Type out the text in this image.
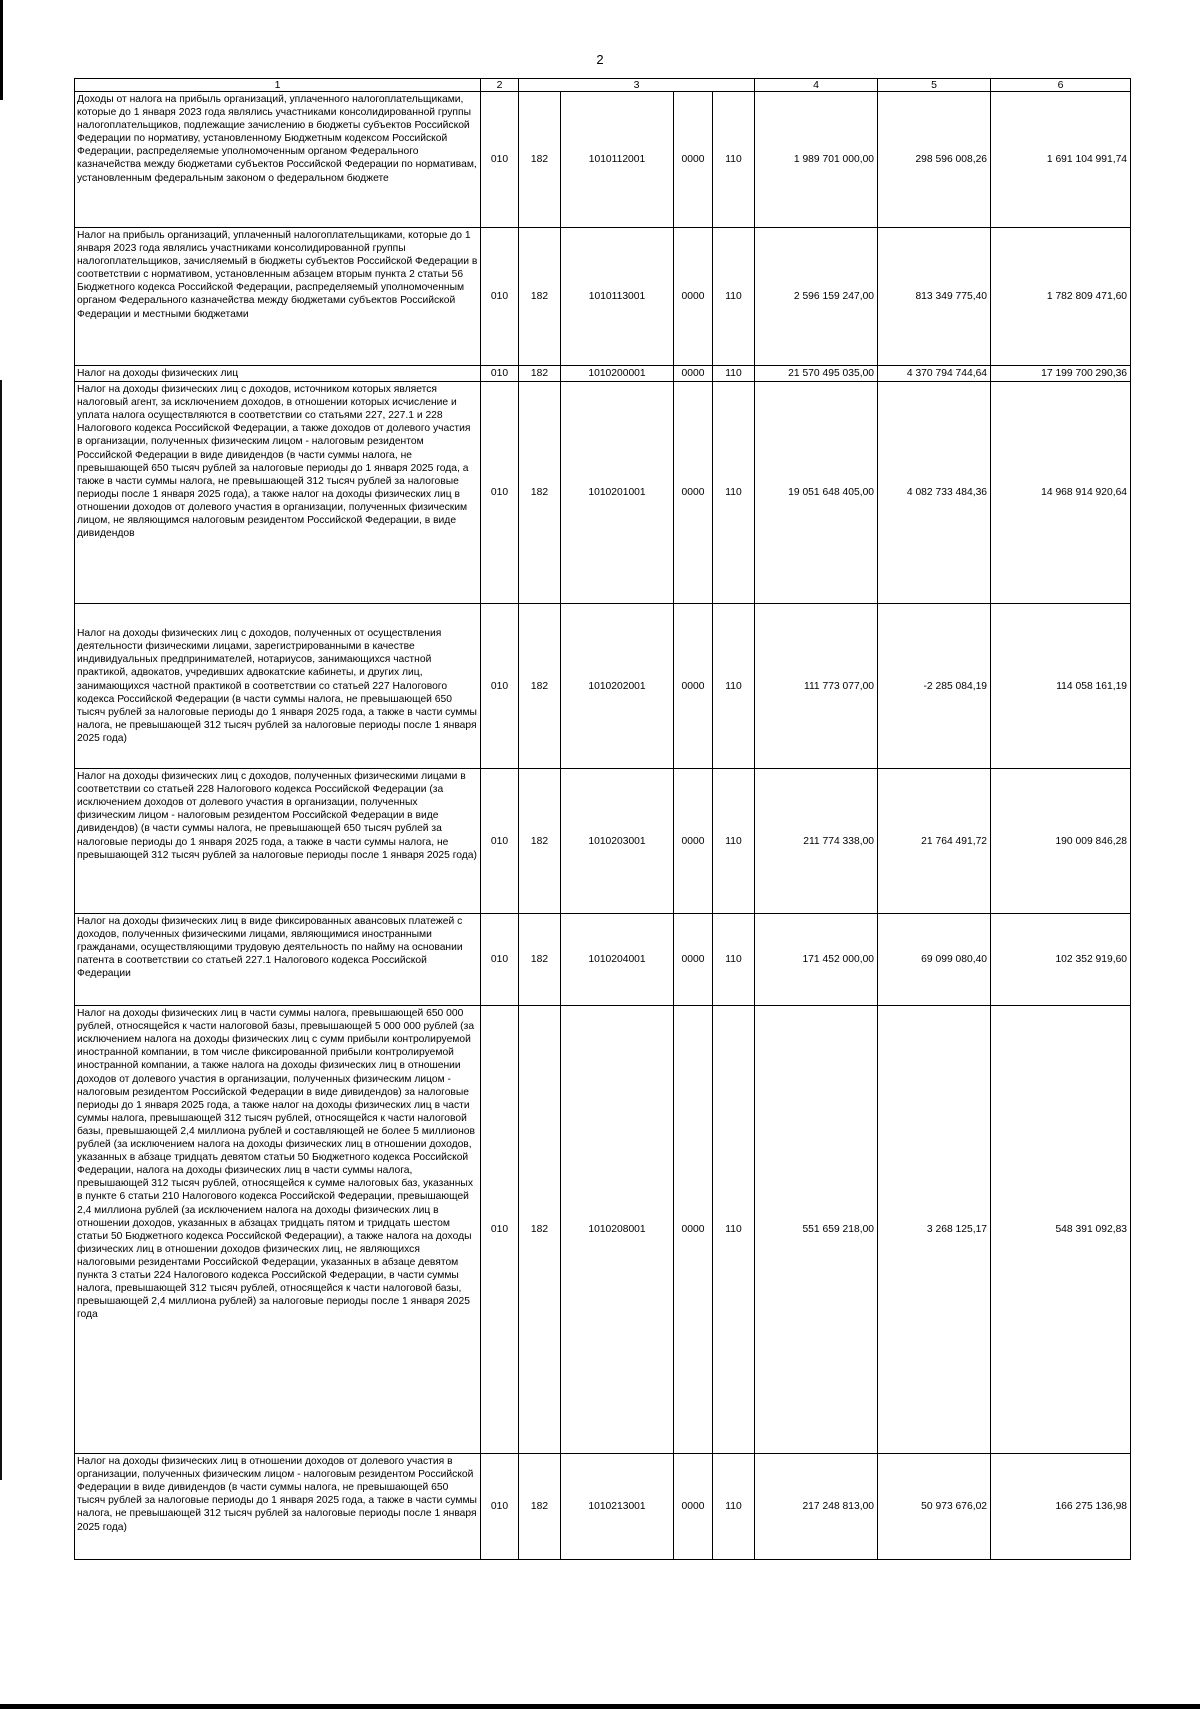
2
1	2	3				4	5	6
Доходы от налога на прибыль организаций, уплаченного налогоплательщиками, которые до 1 января 2023 года являлись участниками консолидированной группы налогоплательщиков, подлежащие зачислению в бюджеты субъектов Российской Федерации по нормативу, установленному Бюджетным кодексом Российской Федерации, распределяемые уполномоченным органом Федерального казначейства между бюджетами субъектов Российской Федерации по нормативам, установленным федеральным законом о федеральном бюджете	010	182	1010112001	0000	110	1 989 701 000,00	298 596 008,26	1 691 104 991,74
Налог на прибыль организаций, уплаченный налогоплательщиками, которые до 1 января 2023 года являлись участниками консолидированной группы налогоплательщиков, зачисляемый в бюджеты субъектов Российской Федерации в соответствии с нормативом, установленным абзацем вторым пункта 2 статьи 56 Бюджетного кодекса Российской Федерации, распределяемый уполномоченным органом Федерального казначейства между бюджетами субъектов Российской Федерации и местными бюджетами	010	182	1010113001	0000	110	2 596 159 247,00	813 349 775,40	1 782 809 471,60
Налог на доходы физических лиц	010	182	1010200001	0000	110	21 570 495 035,00	4 370 794 744,64	17 199 700 290,36
Налог на доходы физических лиц с доходов, источником которых является налоговый агент, за исключением доходов, в отношении которых исчисление и уплата налога осуществляются в соответствии со статьями 227, 227.1 и 228 Налогового кодекса Российской Федерации, а также доходов от долевого участия в организации, полученных физическим лицом - налоговым резидентом Российской Федерации в виде дивидендов (в части суммы налога, не превышающей 650 тысяч рублей за налоговые периоды до 1 января 2025 года, а также в части суммы налога, не превышающей 312 тысяч рублей за налоговые периоды после 1 января 2025 года), а также налог на доходы физических лиц в отношении доходов от долевого участия в организации, полученных физическим лицом, не являющимся налоговым резидентом Российской Федерации, в виде дивидендов	010	182	1010201001	0000	110	19 051 648 405,00	4 082 733 484,36	14 968 914 920,64
Налог на доходы физических лиц с доходов, полученных от осуществления деятельности физическими лицами, зарегистрированными в качестве индивидуальных предпринимателей, нотариусов, занимающихся частной практикой, адвокатов, учредивших адвокатские кабинеты, и других лиц, занимающихся частной практикой в соответствии со статьей 227 Налогового кодекса Российской Федерации (в части суммы налога, не превышающей 650 тысяч рублей за налоговые периоды до 1 января 2025 года, а также в части суммы налога, не превышающей 312 тысяч рублей за налоговые периоды после 1 января 2025 года)	010	182	1010202001	0000	110	111 773 077,00	-2 285 084,19	114 058 161,19
Налог на доходы физических лиц с доходов, полученных физическими лицами в соответствии со статьей 228 Налогового кодекса Российской Федерации (за исключением доходов от долевого участия в организации, полученных физическим лицом - налоговым резидентом Российской Федерации в виде дивидендов) (в части суммы налога, не превышающей 650 тысяч рублей за налоговые периоды до 1 января 2025 года, а также в части суммы налога, не превышающей 312 тысяч рублей за налоговые периоды после 1 января 2025 года)	010	182	1010203001	0000	110	211 774 338,00	21 764 491,72	190 009 846,28
Налог на доходы физических лиц в виде фиксированных авансовых платежей с доходов, полученных физическими лицами, являющимися иностранными гражданами, осуществляющими трудовую деятельность по найму на основании патента в соответствии со статьей 227.1 Налогового кодекса Российской Федерации	010	182	1010204001	0000	110	171 452 000,00	69 099 080,40	102 352 919,60
Налог на доходы физических лиц в части суммы налога, превышающей 650 000 рублей, относящейся к части налоговой базы, превышающей 5 000 000 рублей (за исключением налога на доходы физических лиц с сумм прибыли контролируемой иностранной компании, в том числе фиксированной прибыли контролируемой иностранной компании, а также налога на доходы физических лиц в отношении доходов от долевого участия в организации, полученных физическим лицом - налоговым резидентом Российской Федерации в виде дивидендов) за налоговые периоды до 1 января 2025 года, а также налог на доходы физических лиц в части суммы налога, превышающей 312 тысяч рублей, относящейся к части налоговой базы, превышающей 2,4 миллиона рублей и составляющей не более 5 миллионов рублей (за исключением налога на доходы физических лиц в отношении доходов, указанных в абзаце тридцать девятом статьи 50 Бюджетного кодекса Российской Федерации, налога на доходы физических лиц в части суммы налога, превышающей 312 тысяч рублей, относящейся к сумме налоговых баз, указанных в пункте 6 статьи 210 Налогового кодекса Российской Федерации, превышающей 2,4 миллиона рублей (за исключением налога на доходы физических лиц в отношении доходов, указанных в абзацах тридцать пятом и тридцать шестом статьи 50 Бюджетного кодекса Российской Федерации), а также налога на доходы физических лиц в отношении доходов физических лиц, не являющихся налоговыми резидентами Российской Федерации, указанных в абзаце девятом пункта 3 статьи 224 Налогового кодекса Российской Федерации, в части суммы налога, превышающей 312 тысяч рублей, относящейся к части налоговой базы, превышающей 2,4 миллиона рублей) за налоговые периоды после 1 января 2025 года	010	182	1010208001	0000	110	551 659 218,00	3 268 125,17	548 391 092,83
Налог на доходы физических лиц в отношении доходов от долевого участия в организации, полученных физическим лицом - налоговым резидентом Российской Федерации в виде дивидендов (в части суммы налога, не превышающей 650 тысяч рублей за налоговые периоды до 1 января 2025 года, а также в части суммы налога, не превышающей 312 тысяч рублей за налоговые периоды после 1 января 2025 года)	010	182	1010213001	0000	110	217 248 813,00	50 973 676,02	166 275 136,98
